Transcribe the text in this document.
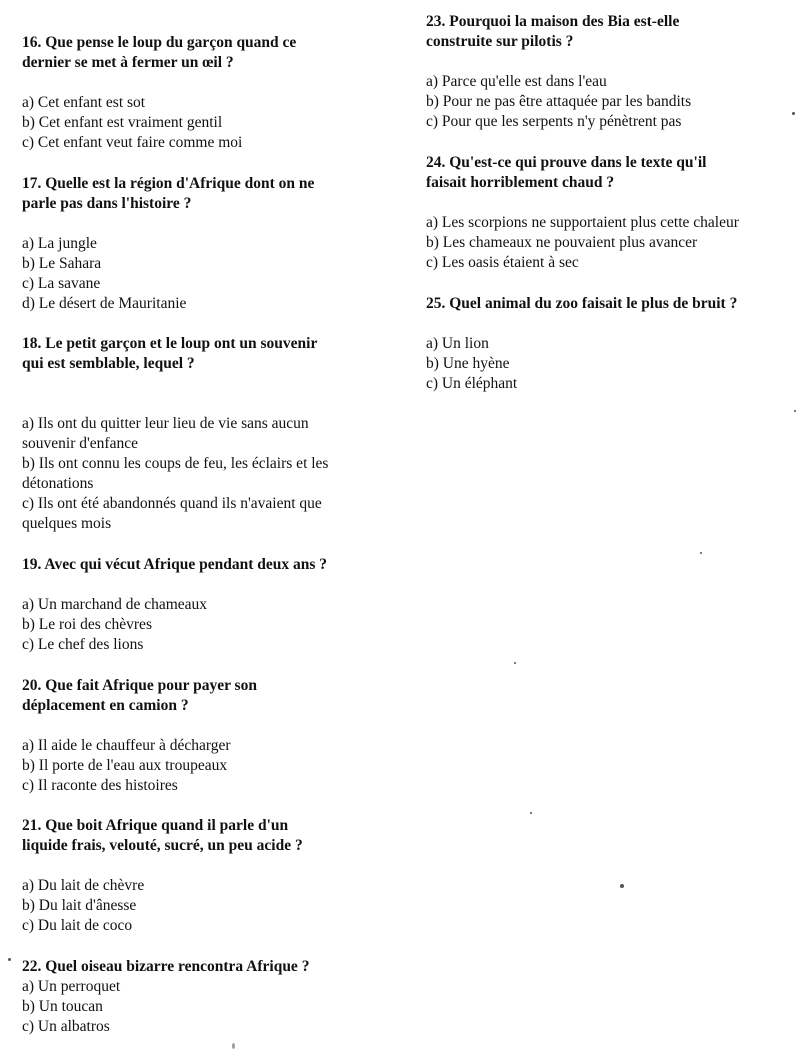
16. Que pense le loup du garçon quand ce
dernier se met à fermer un œil ?

a) Cet enfant est sot
b) Cet enfant est vraiment gentil
c) Cet enfant veut faire comme moi

17. Quelle est la région d'Afrique dont on ne
parle pas dans l'histoire ?

a) La jungle
b) Le Sahara
c) La savane
d) Le désert de Mauritanie

18. Le petit garçon et le loup ont un souvenir
qui est semblable, lequel ?

a) Ils ont du quitter leur lieu de vie sans aucun
souvenir d'enfance
b) Ils ont connu les coups de feu, les éclairs et les
détonations
c) Ils ont été abandonnés quand ils n'avaient que
quelques mois

19. Avec qui vécut Afrique pendant deux ans ?

a) Un marchand de chameaux
b) Le roi des chèvres
c) Le chef des lions

20. Que fait Afrique pour payer son
déplacement en camion ?

a) Il aide le chauffeur à décharger
b) Il porte de l'eau aux troupeaux
c) Il raconte des histoires

21. Que boit Afrique quand il parle d'un
liquide frais, velouté, sucré, un peu acide ?

a) Du lait de chèvre
b) Du lait d'ânesse
c) Du lait de coco

22. Quel oiseau bizarre rencontra Afrique ?

a) Un perroquet
b) Un toucan
c) Un albatros

23. Pourquoi la maison des Bia est-elle
construite sur pilotis ?

a) Parce qu'elle est dans l'eau
b) Pour ne pas être attaquée par les bandits
c) Pour que les serpents n'y pénètrent pas

24. Qu'est-ce qui prouve dans le texte qu'il
faisait horriblement chaud ?

a) Les scorpions ne supportaient plus cette chaleur
b) Les chameaux ne pouvaient plus avancer
c) Les oasis étaient à sec

25. Quel animal du zoo faisait le plus de bruit ?

a) Un lion
b) Une hyène
c) Un éléphant
